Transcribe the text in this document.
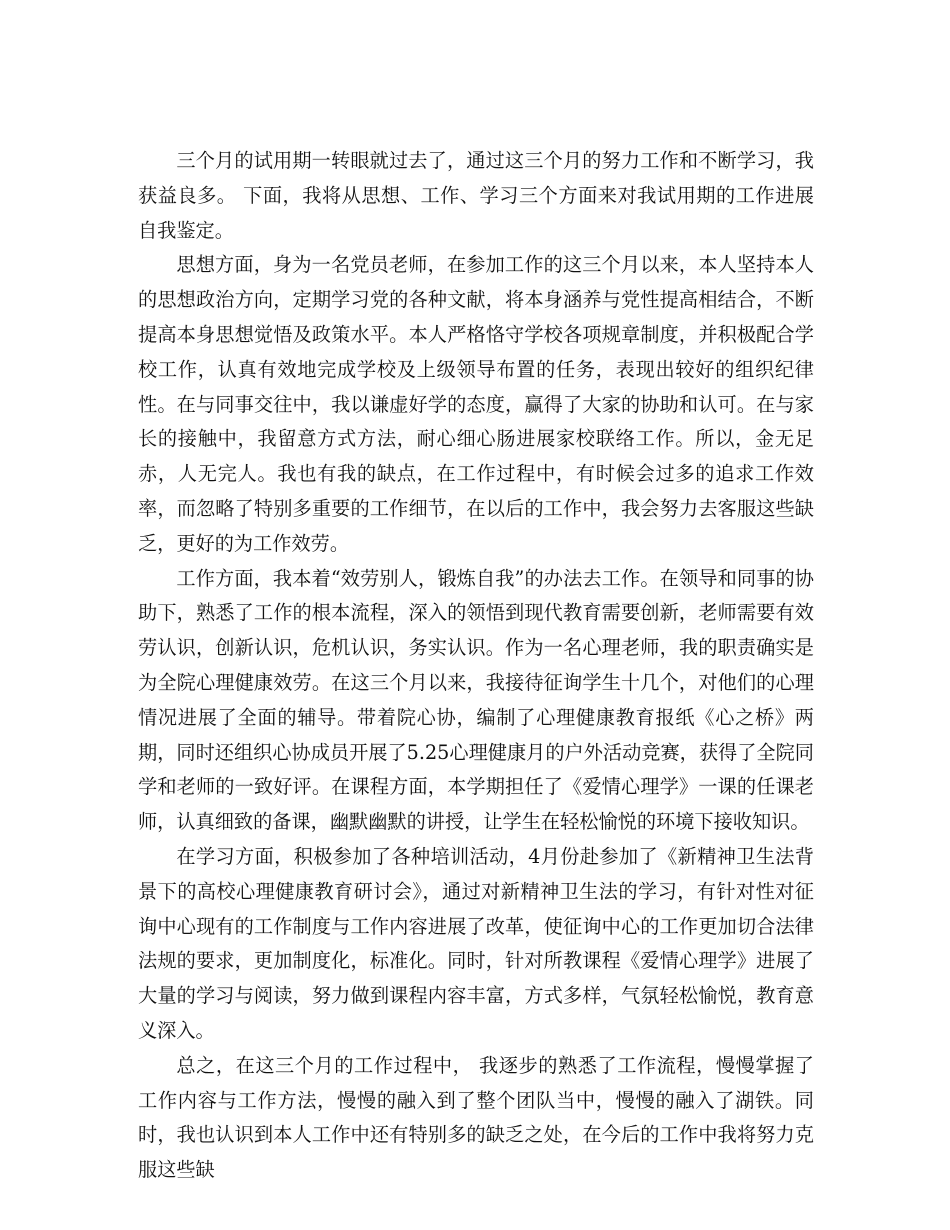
三个月的试用期一转眼就过去了，通过这三个月的努力工作和不断学习，我获益良多。 下面，我将从思想、工作、学习三个方面来对我试用期的工作进展自我鉴定。

思想方面，身为一名党员老师，在参加工作的这三个月以来，本人坚持本人的思想政治方向，定期学习党的各种文献，将本身涵养与党性提高相结合，不断提高本身思想觉悟及政策水平。本人严格恪守学校各项规章制度，并积极配合学校工作，认真有效地完成学校及上级领导布置的任务，表现出较好的组织纪律性。在与同事交往中，我以谦虚好学的态度，赢得了大家的协助和认可。在与家长的接触中，我留意方式方法，耐心细心肠进展家校联络工作。所以，金无足赤，人无完人。我也有我的缺点，在工作过程中，有时候会过多的追求工作效率，而忽略了特别多重要的工作细节，在以后的工作中，我会努力去客服这些缺乏，更好的为工作效劳。

工作方面，我本着“效劳别人，锻炼自我”的办法去工作。在领导和同事的协助下，熟悉了工作的根本流程，深入的领悟到现代教育需要创新，老师需要有效劳认识，创新认识，危机认识，务实认识。作为一名心理老师，我的职责确实是为全院心理健康效劳。在这三个月以来，我接待征询学生十几个，对他们的心理情况进展了全面的辅导。带着院心协，编制了心理健康教育报纸《心之桥》两期，同时还组织心协成员开展了5.25心理健康月的户外活动竞赛，获得了全院同学和老师的一致好评。在课程方面，本学期担任了《爱情心理学》一课的任课老师，认真细致的备课，幽默幽默的讲授，让学生在轻松愉悦的环境下接收知识。

在学习方面，积极参加了各种培训活动，4月份赴参加了《新精神卫生法背景下的高校心理健康教育研讨会》，通过对新精神卫生法的学习，有针对性对征询中心现有的工作制度与工作内容进展了改革，使征询中心的工作更加切合法律法规的要求，更加制度化，标准化。同时，针对所教课程《爱情心理学》进展了大量的学习与阅读，努力做到课程内容丰富，方式多样，气氛轻松愉悦，教育意义深入。

总之，在这三个月的工作过程中， 我逐步的熟悉了工作流程，慢慢掌握了工作内容与工作方法，慢慢的融入到了整个团队当中，慢慢的融入了湖铁。同时，我也认识到本人工作中还有特别多的缺乏之处，在今后的工作中我将努力克服这些缺
